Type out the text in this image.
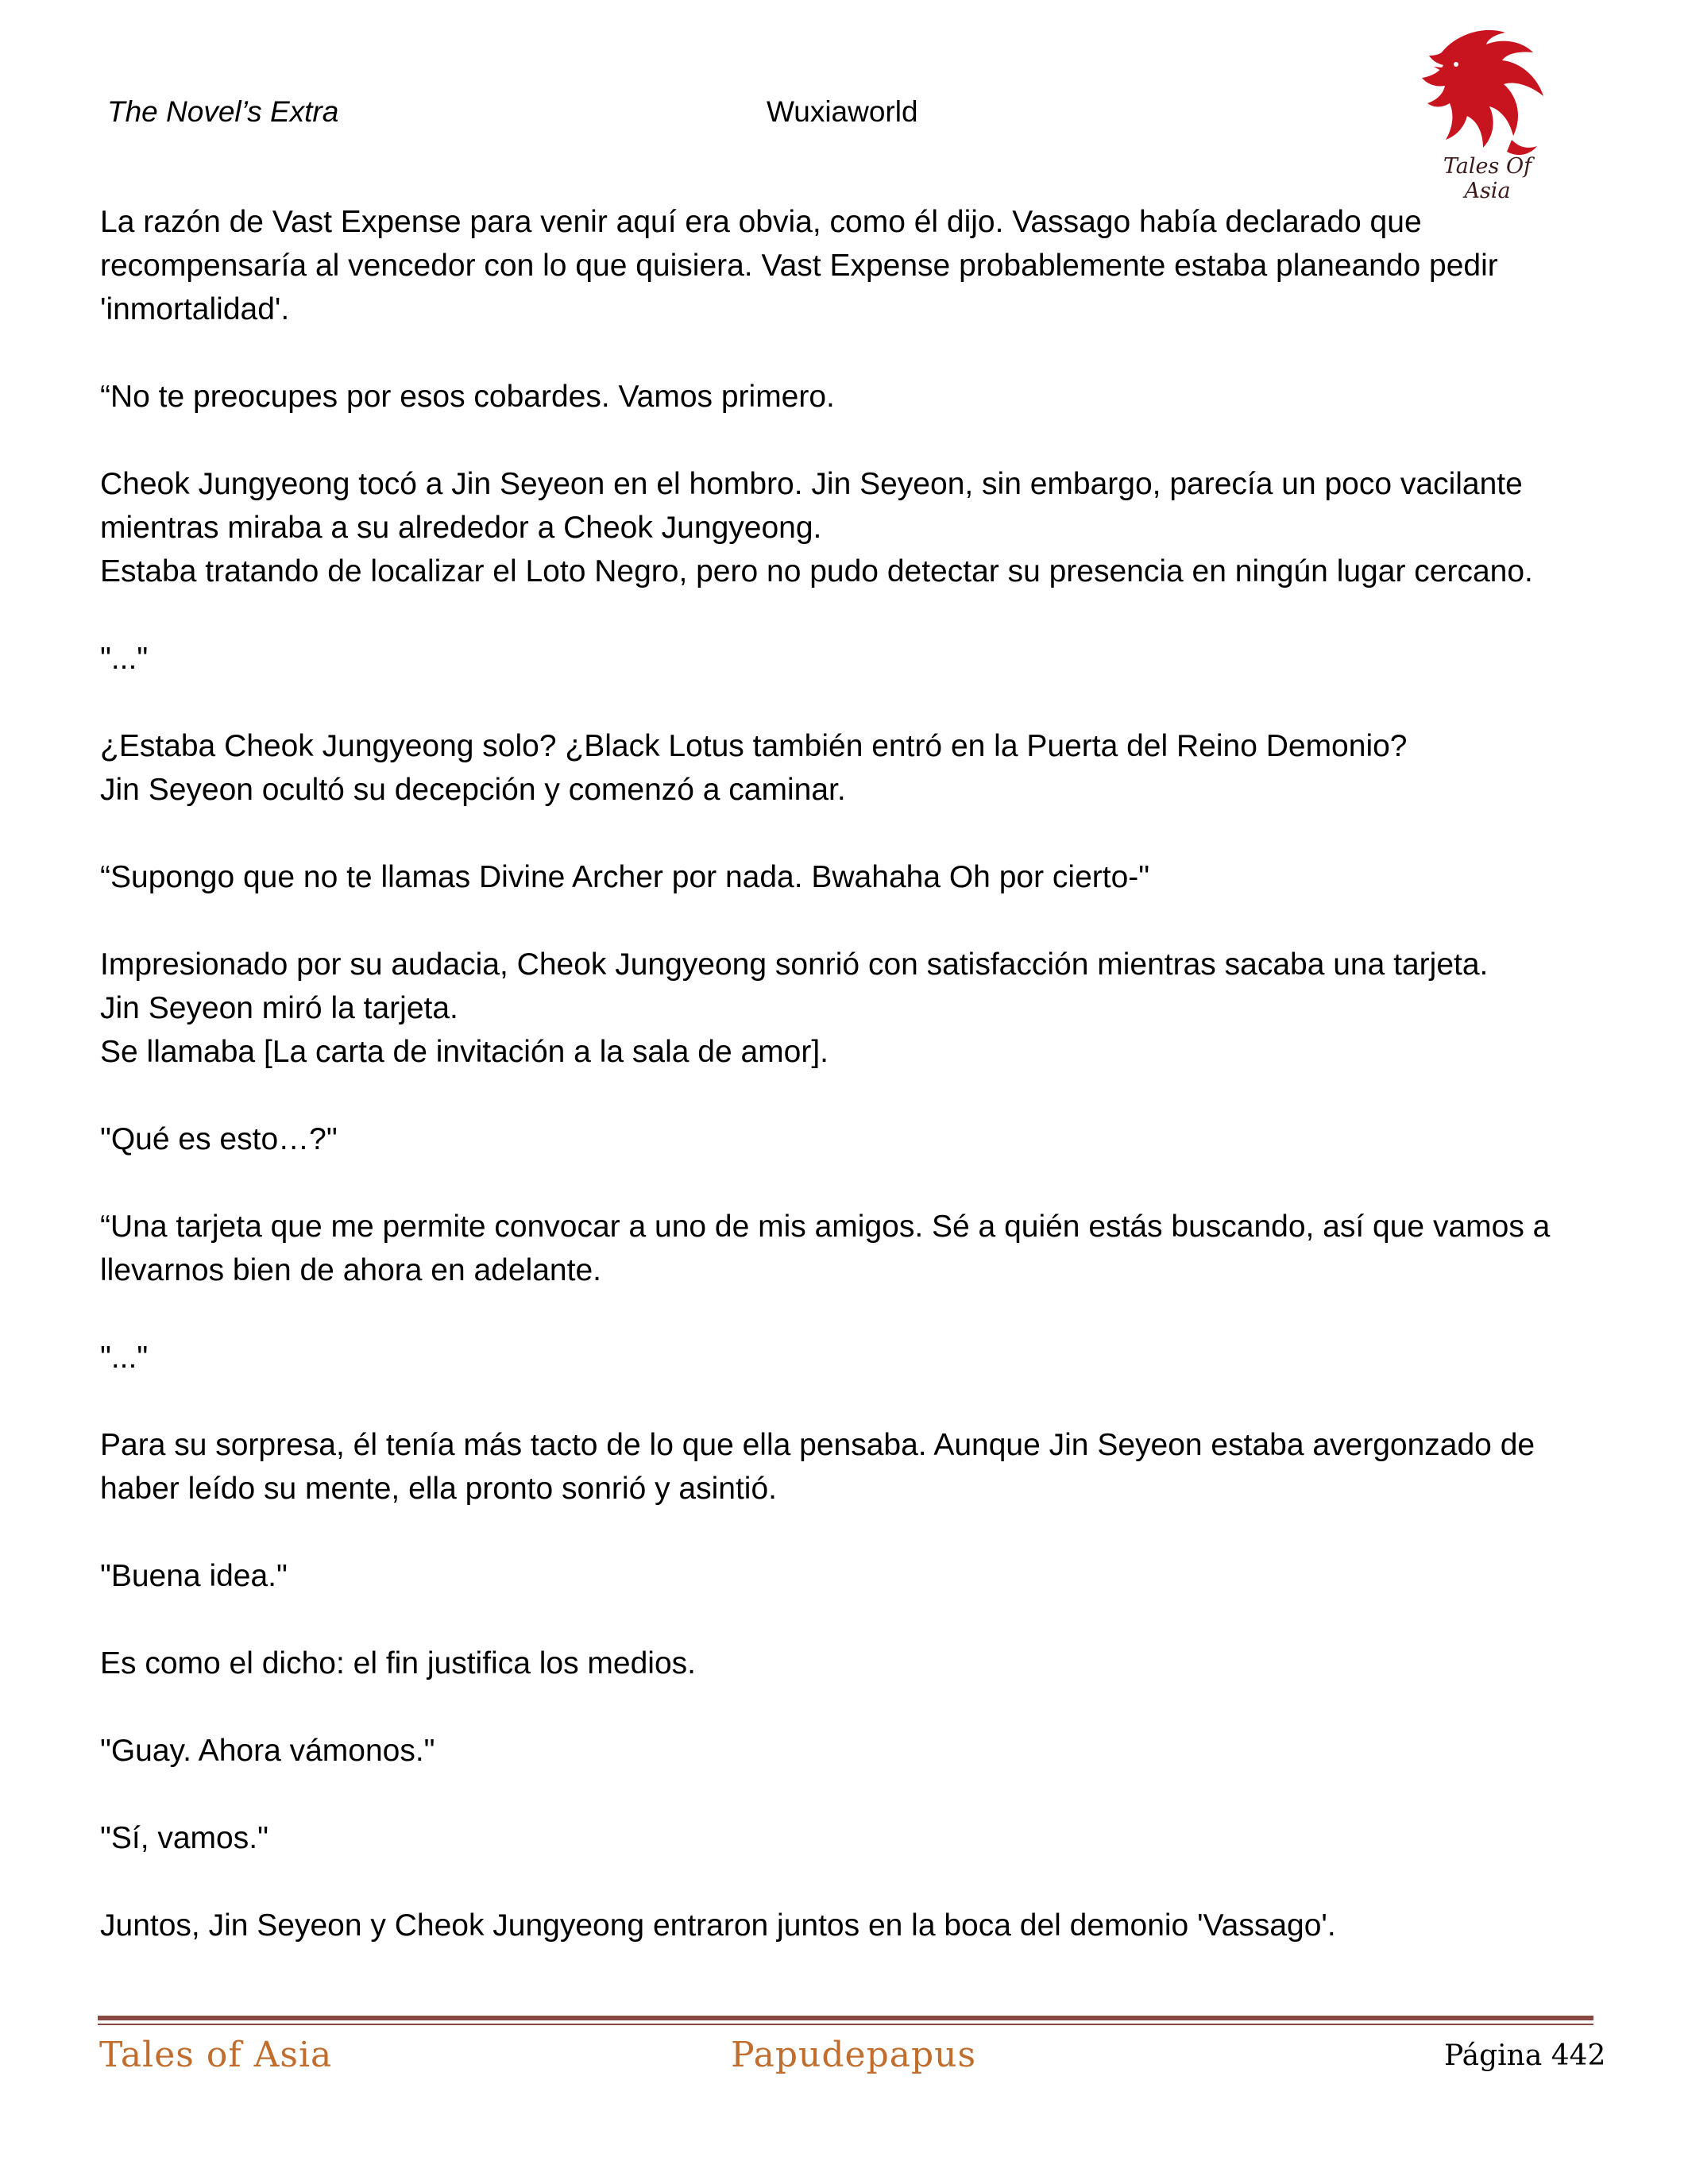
The Novel’s Extra	Wuxiaworld
Tales Of Asia

La razón de Vast Expense para venir aquí era obvia, como él dijo. Vassago había declarado que recompensaría al vencedor con lo que quisiera. Vast Expense probablemente estaba planeando pedir 'inmortalidad'.

“No te preocupes por esos cobardes. Vamos primero.

Cheok Jungyeong tocó a Jin Seyeon en el hombro. Jin Seyeon, sin embargo, parecía un poco vacilante mientras miraba a su alrededor a Cheok Jungyeong.

Estaba tratando de localizar el Loto Negro, pero no pudo detectar su presencia en ningún lugar cercano.

"..."

¿Estaba Cheok Jungyeong solo? ¿Black Lotus también entró en la Puerta del Reino Demonio?

Jin Seyeon ocultó su decepción y comenzó a caminar.

“Supongo que no te llamas Divine Archer por nada. Bwahaha Oh por cierto-"

Impresionado por su audacia, Cheok Jungyeong sonrió con satisfacción mientras sacaba una tarjeta.

Jin Seyeon miró la tarjeta.

Se llamaba [La carta de invitación a la sala de amor].

"Qué es esto…?"

“Una tarjeta que me permite convocar a uno de mis amigos. Sé a quién estás buscando, así que vamos a llevarnos bien de ahora en adelante.

"..."

Para su sorpresa, él tenía más tacto de lo que ella pensaba. Aunque Jin Seyeon estaba avergonzado de haber leído su mente, ella pronto sonrió y asintió.

"Buena idea."

Es como el dicho: el fin justifica los medios.

"Guay. Ahora vámonos."

"Sí, vamos."

Juntos, Jin Seyeon y Cheok Jungyeong entraron juntos en la boca del demonio 'Vassago'.

Tales of Asia	Papudepapus	Página 442
